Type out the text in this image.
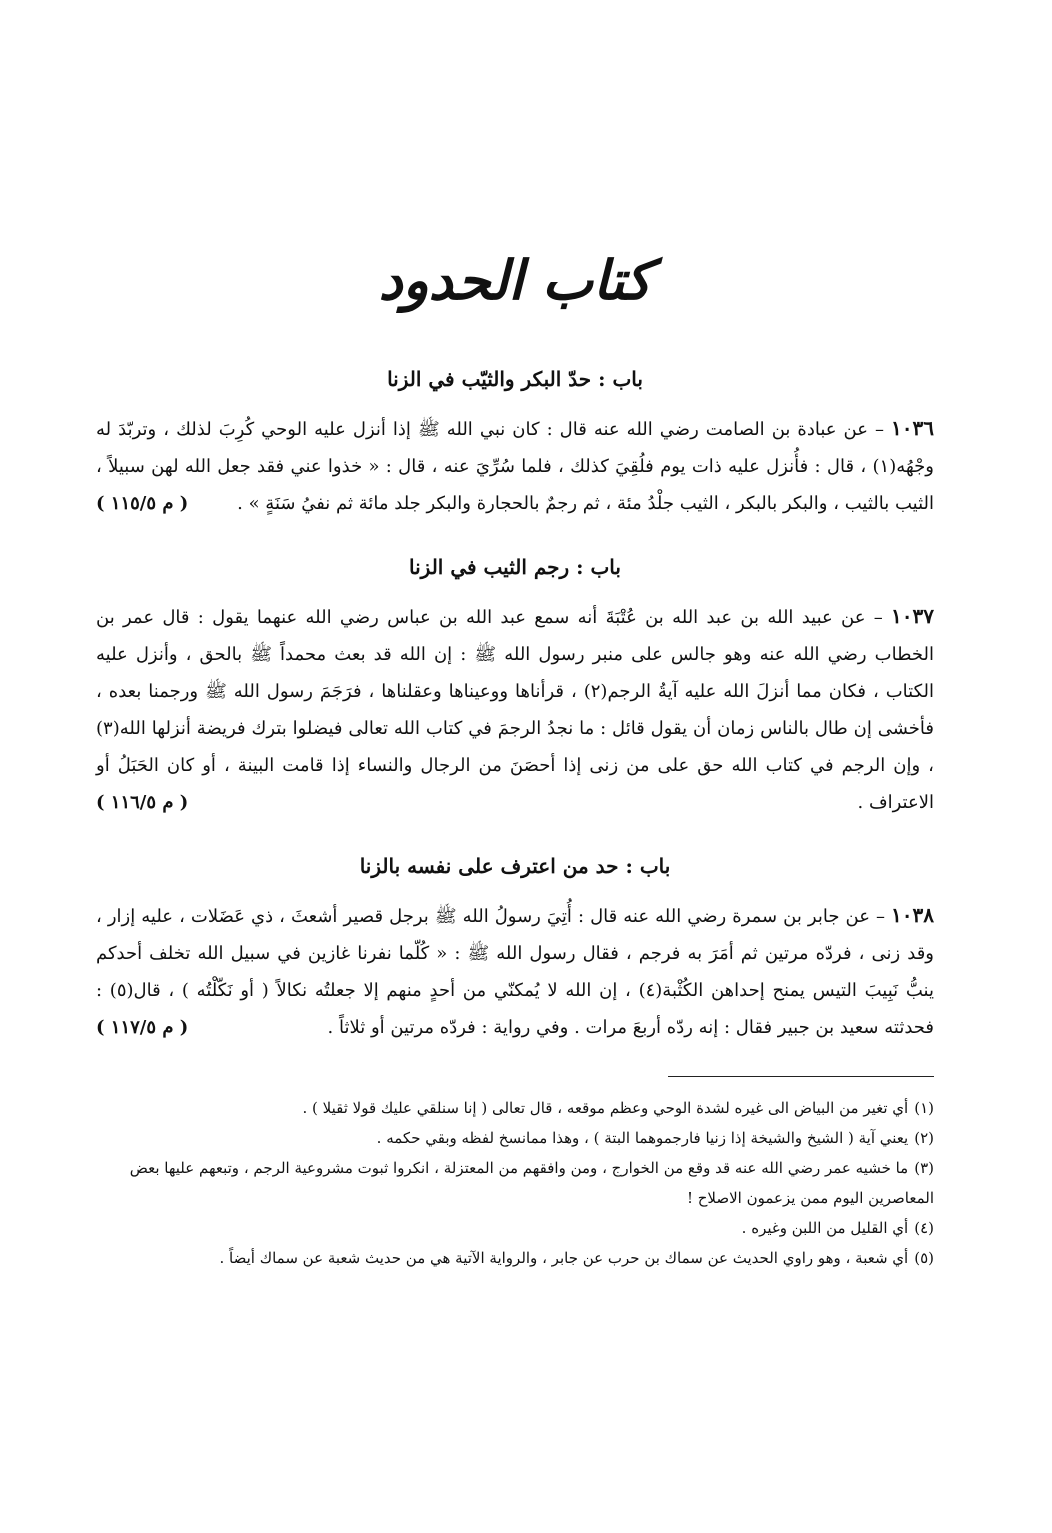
كتاب الحدود
باب : حدّ البكر والثيّب في الزنا

١٠٣٦ – عن عبادة بن الصامت رضي الله عنه قال : كان نبي الله ﷺ إذا أنزل عليه الوحي كُرِبَ لذلك ، وتربّدَ له وجْهُه(١) ، قال : فأُنزل عليه ذات يوم فلُقِيَ كذلك ، فلما سُرِّيَ عنه ، قال : « خذوا عني فقد جعل الله لهن سبيلاً ، الثيب بالثيب ، والبكر بالبكر ، الثيب جلْدُ مئة ، ثم رجمٌ بالحجارة والبكر جلد مائة ثم نفيُ سَنَةٍ » .
( م ١١٥/٥ )

باب : رجم الثيب في الزنا

١٠٣٧ – عن عبيد الله بن عبد الله بن عُتْبَةَ أنه سمع عبد الله بن عباس رضي الله عنهما يقول : قال عمر بن الخطاب رضي الله عنه وهو جالس على منبر رسول الله ﷺ : إن الله قد بعث محمداً ﷺ بالحق ، وأنزل عليه الكتاب ، فكان مما أنزلَ الله عليه آيةُ الرجم(٢) ، قرأناها ووعيناها وعقلناها ، فرَجَمَ رسول الله ﷺ ورجمنا بعده ، فأخشى إن طال بالناس زمان أن يقول قائل : ما نجدُ الرجمَ في كتاب الله تعالى فيضلوا بترك فريضة أنزلها الله(٣) ، وإن الرجم في كتاب الله حق على من زنى إذا أحصَنَ من الرجال والنساء إذا قامت البينة ، أو كان الحَبَلُ أو الاعتراف .
( م ١١٦/٥ )

باب : حد من اعترف على نفسه بالزنا

١٠٣٨ – عن جابر بن سمرة رضي الله عنه قال : أُتِيَ رسولُ الله ﷺ برجل قصير أشعثَ ، ذي عَضَلات ، عليه إزار ، وقد زنى ، فردّه مرتين ثم أمَرَ به فرجم ، فقال رسول الله ﷺ : « كُلّما نفرنا غازين في سبيل الله تخلف أحدكم ينبُّ نَبِيبَ التيس يمنح إحداهن الكُثْبة(٤) ، إن الله لا يُمكنّي من أحدٍ منهم إلا جعلتُه نكالاً ( أو نَكّلْتُه ) ، قال(٥) : فحدثته سعيد بن جبير فقال : إنه ردّه أربعَ مرات . وفي رواية : فردّه مرتين أو ثلاثاً .
( م ١١٧/٥ )

(١)أي تغير من البياض الى غيره لشدة الوحي وعظم موقعه ، قال تعالى ( إنا سنلقي عليك قولا ثقيلا ) .

(٢)يعني آية ( الشيخ والشيخة إذا زنيا فارجموهما البتة ) ، وهذا ممانسخ لفظه وبقي حكمه .

(٣)ما خشيه عمر رضي الله عنه قد وقع من الخوارج ، ومن وافقهم من المعتزلة ، انكروا ثبوت مشروعية الرجم ، وتبعهم عليها بعض المعاصرين اليوم ممن يزعمون الاصلاح !

(٤)أي القليل من اللبن وغيره .

(٥)أي شعبة ، وهو راوي الحديث عن سماك بن حرب عن جابر ، والرواية الآتية هي من حديث شعبة عن سماك أيضاً .
